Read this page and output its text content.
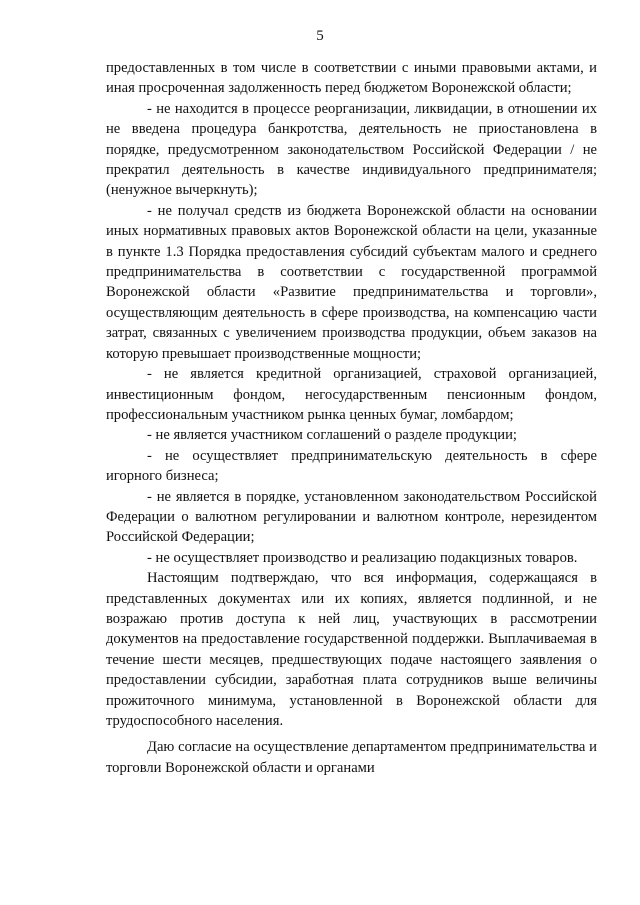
5

предоставленных в том числе в соответствии с иными правовыми актами, и иная просроченная задолженность перед бюджетом Воронежской области;

- не находится в процессе реорганизации, ликвидации, в отношении их не введена процедура банкротства, деятельность не приостановлена в порядке, предусмотренном законодательством Российской Федерации / не прекратил деятельность в качестве индивидуального предпринимателя; (ненужное вычеркнуть);

- не получал средств из бюджета Воронежской области на основании иных нормативных правовых актов Воронежской области на цели, указанные в пункте 1.3 Порядка предоставления субсидий субъектам малого и среднего предпринимательства в соответствии с государственной программой Воронежской области «Развитие предпринимательства и торговли», осуществляющим деятельность в сфере производства, на компенсацию части затрат, связанных с увеличением производства продукции, объем заказов на которую превышает производственные мощности;

- не является кредитной организацией, страховой организацией, инвестиционным фондом, негосударственным пенсионным фондом, профессиональным участником рынка ценных бумаг, ломбардом;

- не является участником соглашений о разделе продукции;

- не осуществляет предпринимательскую деятельность в сфере игорного бизнеса;

- не является в порядке, установленном законодательством Российской Федерации о валютном регулировании и валютном контроле, нерезидентом Российской Федерации;

- не осуществляет производство и реализацию подакцизных товаров.

Настоящим подтверждаю, что вся информация, содержащаяся в представленных документах или их копиях, является подлинной, и не возражаю против доступа к ней лиц, участвующих в рассмотрении документов на предоставление государственной поддержки. Выплачиваемая в течение шести месяцев, предшествующих подаче настоящего заявления о предоставлении субсидии, заработная плата сотрудников выше величины прожиточного минимума, установленной в Воронежской области для трудоспособного населения.

Даю согласие на осуществление департаментом предпринимательства и торговли Воронежской области и органами
